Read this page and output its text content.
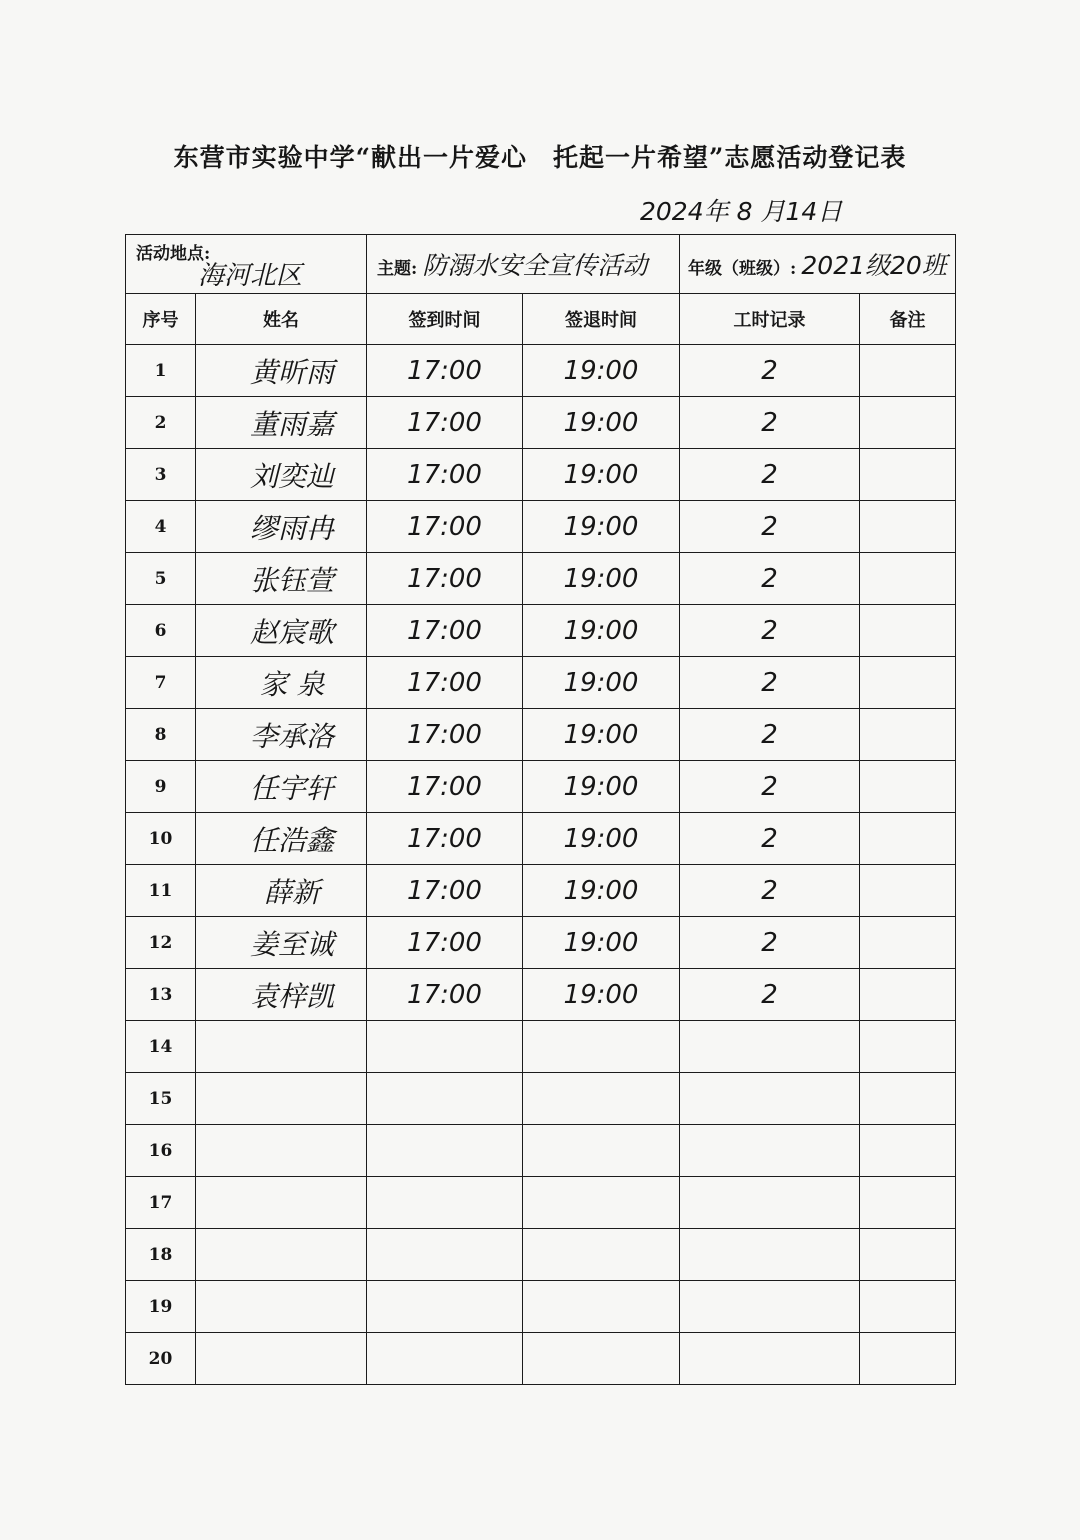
东营市实验中学“献出一片爱心　托起一片希望”志愿活动登记表
2024年 8 月14日
活动地点:
海河北区		主题: 防溺水安全宣传活动		年级（班级）: 2021级20班	
序号	姓名	签到时间	签退时间	工时记录	备注
1	黄昕雨	17:00	19:00	2	
2	董雨嘉	17:00	19:00	2	
3	刘奕辿	17:00	19:00	2	
4	缪雨冉	17:00	19:00	2	
5	张钰萱	17:00	19:00	2	
6	赵宸歌	17:00	19:00	2	
7	家 泉	17:00	19:00	2	
8	李承洛	17:00	19:00	2	
9	任宇轩	17:00	19:00	2	
10	任浩鑫	17:00	19:00	2	
11	薛新	17:00	19:00	2	
12	姜至诚	17:00	19:00	2	
13	袁梓凯	17:00	19:00	2	
14					
15					
16					
17					
18					
19					
20					
